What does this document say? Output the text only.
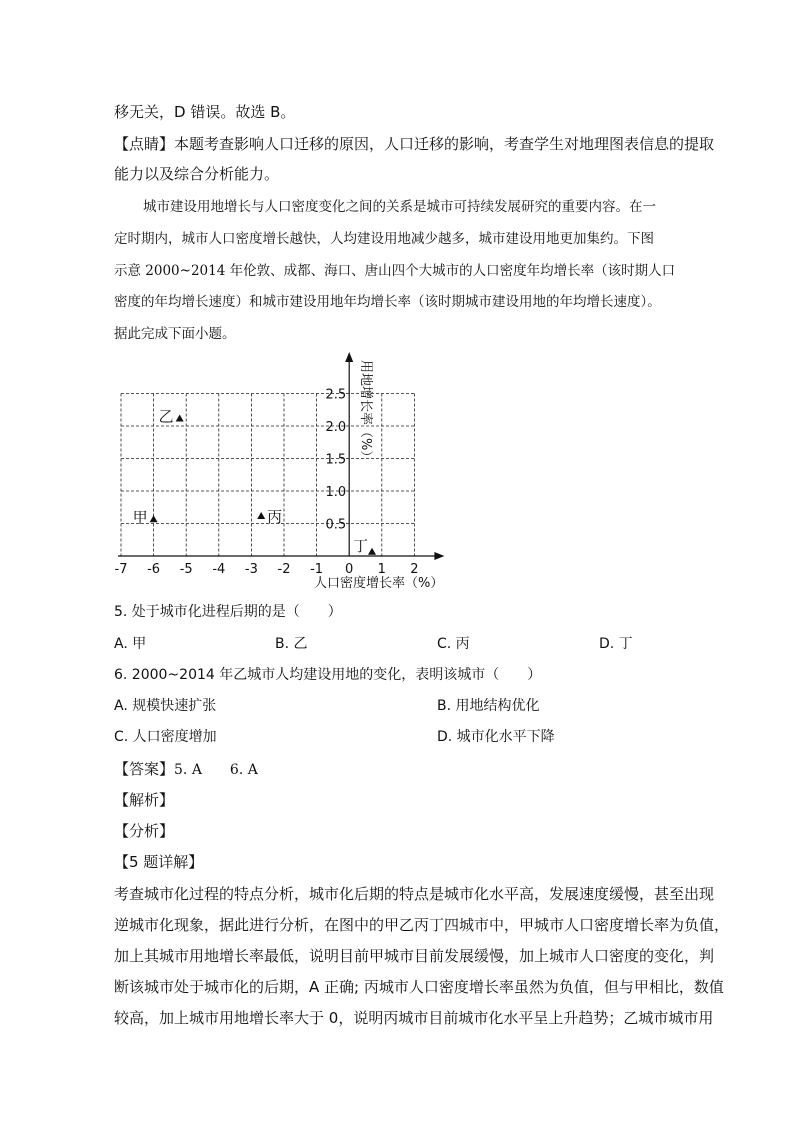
移无关，D 错误。故选 B。
【点睛】本题考查影响人口迁移的原因，人口迁移的影响，考查学生对地理图表信息的提取
能力以及综合分析能力。
城市建设用地增长与人口密度变化之间的关系是城市可持续发展研究的重要内容。在一
定时期内，城市人口密度增长越快，人均建设用地减少越多，城市建设用地更加集约。下图
示意 2000~2014 年伦敦、成都、海口、唐山四个大城市的人口密度年均增长率（该时期人口
密度的年均增长速度）和城市建设用地年均增长率（该时期城市建设用地的年均增长速度）。
据此完成下面小题。
-7 -6 -5 -4 -3 -2 -1 0 1 2
0.5
1.0
1.5
2.0
2.5
甲
乙
丙
丁
人口密度增长率（%）
用地增长率（%）
5. 处于城市化进程后期的是（　　）
A. 甲	B. 乙	C. 丙	D. 丁
6. 2000~2014 年乙城市人均建设用地的变化，表明该城市（　　）
A. 规模快速扩张	B. 用地结构优化
C. 人口密度增加	D. 城市化水平下降
【答案】5. A　　6. A
【解析】
【分析】
【5 题详解】
考查城市化过程的特点分析，城市化后期的特点是城市化水平高，发展速度缓慢，甚至出现
逆城市化现象，据此进行分析，在图中的甲乙丙丁四城市中，甲城市人口密度增长率为负值，
加上其城市用地增长率最低，说明目前甲城市目前发展缓慢，加上城市人口密度的变化，判
断该城市处于城市化的后期，A 正确; 丙城市人口密度增长率虽然为负值，但与甲相比，数值
较高，加上城市用地增长率大于 0，说明丙城市目前城市化水平呈上升趋势；乙城市城市用
